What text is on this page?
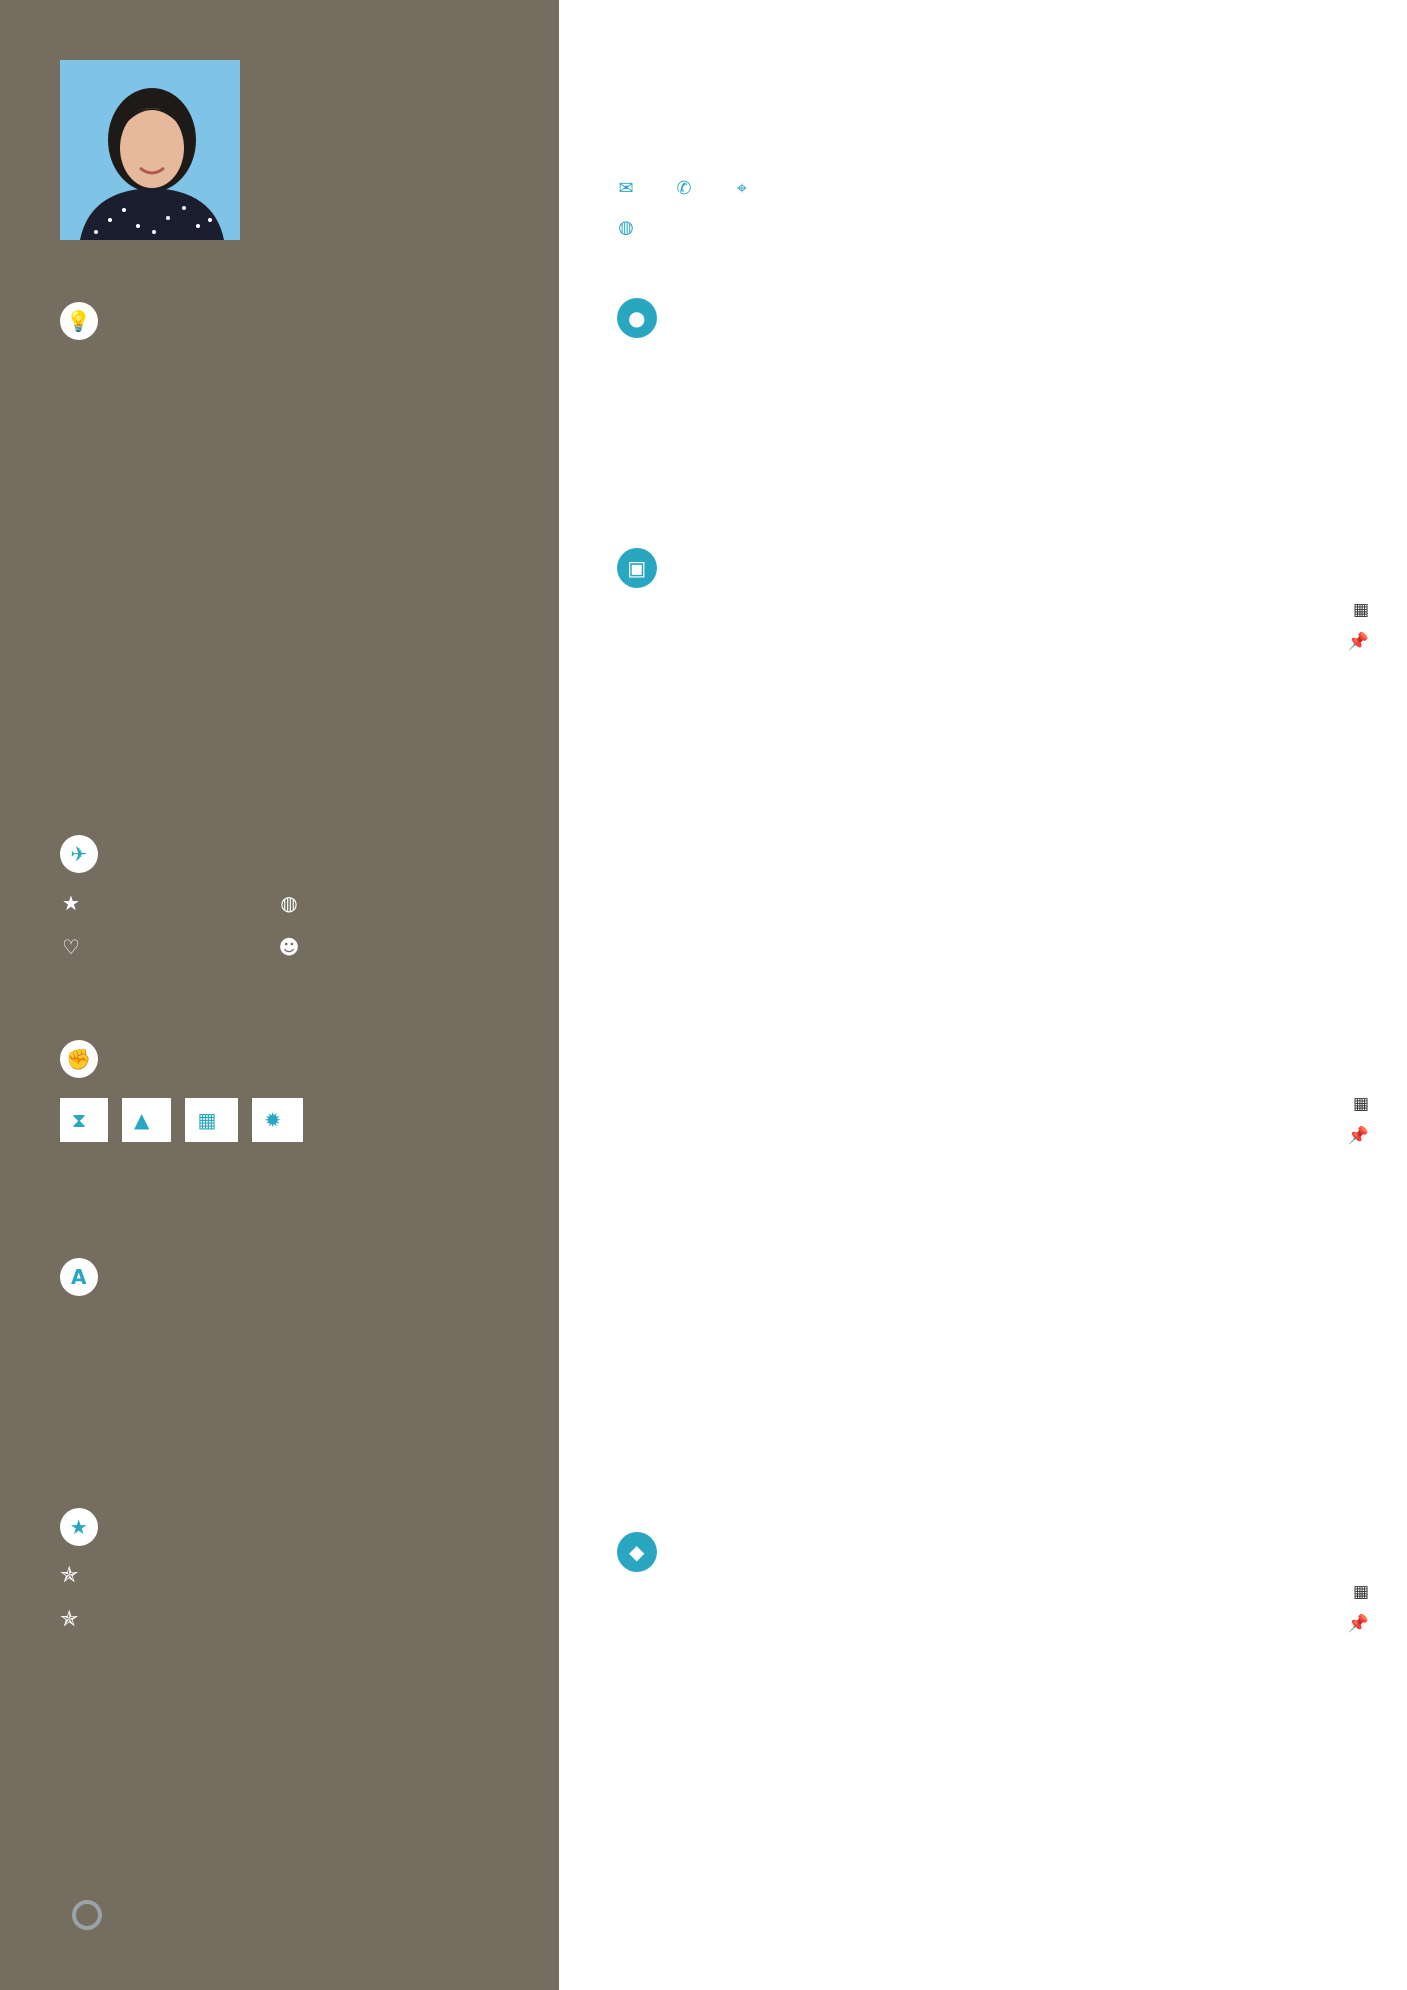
💡
✈
★	◍
♡	☻
✊
⧗ ▲ ▦ ✹
A
★
✯
✯
✉ ✆	⌖
◍
●
▣
▦
📌
▦
📌
◆
▦
📌
